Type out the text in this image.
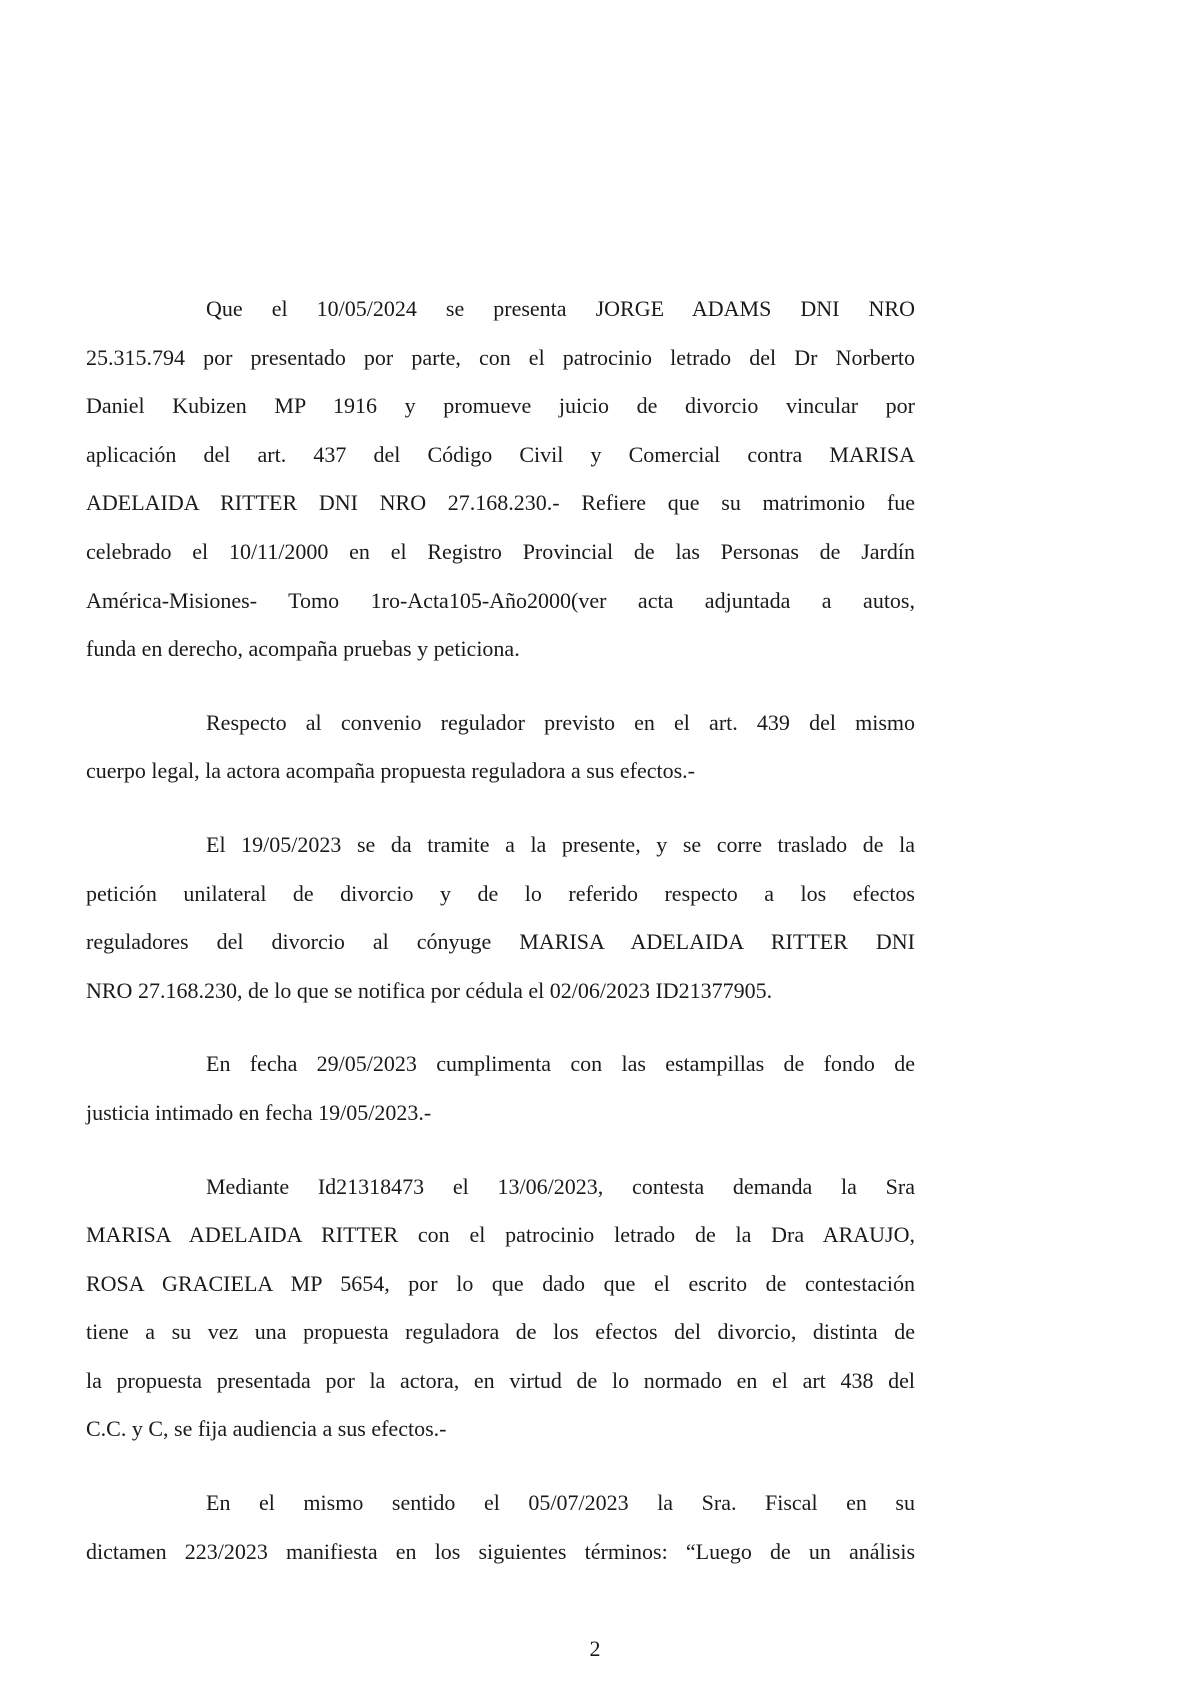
Que el 10/05/2024 se presenta JORGE ADAMS DNI NRO
25.315.794 por presentado por parte, con el patrocinio letrado del Dr Norberto
Daniel Kubizen MP 1916 y promueve juicio de divorcio vincular por
aplicación del art. 437 del Código Civil y Comercial contra MARISA
ADELAIDA RITTER DNI NRO 27.168.230.- Refiere que su matrimonio fue
celebrado el 10/11/2000 en el Registro Provincial de las Personas de Jardín
América-Misiones- Tomo 1ro-Acta105-Año2000(ver acta adjuntada a autos,
funda en derecho, acompaña pruebas y peticiona.
Respecto al convenio regulador previsto en el art. 439 del mismo
cuerpo legal, la actora acompaña propuesta reguladora a sus efectos.-
El 19/05/2023 se da tramite a la presente, y se corre traslado de la
petición unilateral de divorcio y de lo referido respecto a los efectos
reguladores del divorcio al cónyuge MARISA ADELAIDA RITTER DNI
NRO 27.168.230, de lo que se notifica por cédula el 02/06/2023 ID21377905.
En fecha 29/05/2023 cumplimenta con las estampillas de fondo de
justicia intimado en fecha 19/05/2023.-
Mediante Id21318473 el 13/06/2023, contesta demanda la Sra
MARISA ADELAIDA RITTER con el patrocinio letrado de la Dra ARAUJO,
ROSA GRACIELA MP 5654, por lo que dado que el escrito de contestación
tiene a su vez una propuesta reguladora de los efectos del divorcio, distinta de
la propuesta presentada por la actora, en virtud de lo normado en el art 438 del
C.C. y C, se fija audiencia a sus efectos.-
En el mismo sentido el 05/07/2023 la Sra. Fiscal en su
dictamen 223/2023 manifiesta en los siguientes términos: “Luego de un análisis
2
